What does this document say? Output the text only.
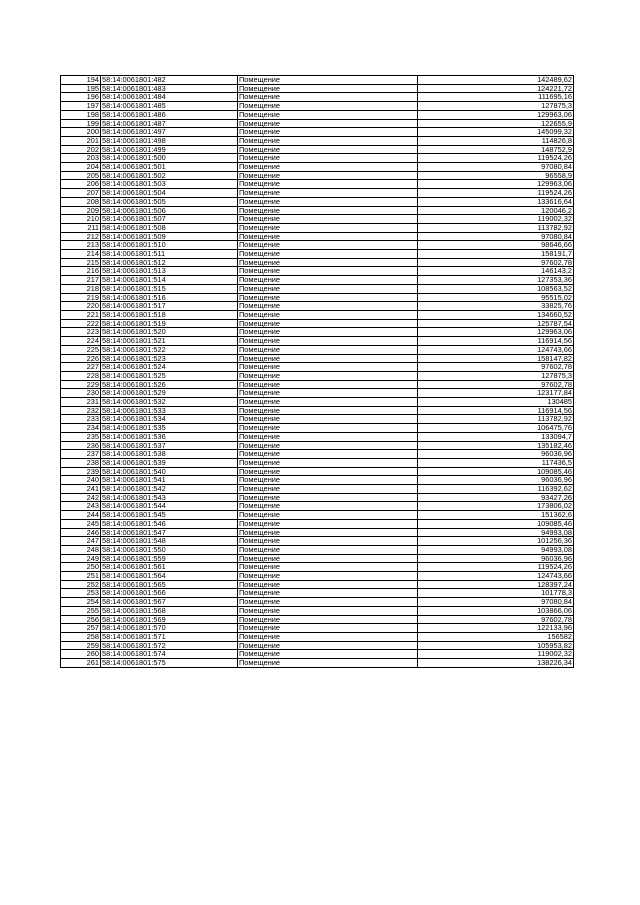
194	58:14:0061801:482	Помещение	142489,62
195	58:14:0061801:483	Помещение	124221,72
196	58:14:0061801:484	Помещение	111695,16
197	58:14:0061801:485	Помещение	127875,3
198	58:14:0061801:486	Помещение	129963,06
199	58:14:0061801:487	Помещение	122655,9
200	58:14:0061801:497	Помещение	145099,32
201	58:14:0061801:498	Помещение	114826,8
202	58:14:0061801:499	Помещение	148752,9
203	58:14:0061801:500	Помещение	119524,26
204	58:14:0061801:501	Помещение	97080,84
205	58:14:0061801:502	Помещение	96558,9
206	58:14:0061801:503	Помещение	129963,06
207	58:14:0061801:504	Помещение	119524,26
208	58:14:0061801:505	Помещение	133616,64
209	58:14:0061801:506	Помещение	120046,2
210	58:14:0061801:507	Помещение	119002,32
211	58:14:0061801:508	Помещение	113782,92
212	58:14:0061801:509	Помещение	97080,84
213	58:14:0061801:510	Помещение	98646,66
214	58:14:0061801:511	Помещение	158191,7
215	58:14:0061801:512	Помещение	97602,78
216	58:14:0061801:513	Помещение	146143,2
217	58:14:0061801:514	Помещение	127353,36
218	58:14:0061801:515	Помещение	108563,52
219	58:14:0061801:516	Помещение	95515,02
220	58:14:0061801:517	Помещение	33825,76
221	58:14:0061801:518	Помещение	134660,52
222	58:14:0061801:519	Помещение	125787,54
223	58:14:0061801:520	Помещение	129963,06
224	58:14:0061801:521	Помещение	116914,56
225	58:14:0061801:522	Помещение	124743,66
226	58:14:0061801:523	Помещение	158147,82
227	58:14:0061801:524	Помещение	97602,78
228	58:14:0061801:525	Помещение	127875,3
229	58:14:0061801:526	Помещение	97602,78
230	58:14:0061801:529	Помещение	123177,84
231	58:14:0061801:532	Помещение	130485
232	58:14:0061801:533	Помещение	116914,56
233	58:14:0061801:534	Помещение	113782,92
234	58:14:0061801:535	Помещение	106475,76
235	58:14:0061801:536	Помещение	133094,7
236	58:14:0061801:537	Помещение	135182,46
237	58:14:0061801:538	Помещение	96036,96
238	58:14:0061801:539	Помещение	117436,5
239	58:14:0061801:540	Помещение	109085,46
240	58:14:0061801:541	Помещение	96036,96
241	58:14:0061801:542	Помещение	116392,62
242	58:14:0061801:543	Помещение	93427,26
243	58:14:0061801:544	Помещение	173806,02
244	58:14:0061801:545	Помещение	151362,6
245	58:14:0061801:546	Помещение	109085,46
246	58:14:0061801:547	Помещение	94993,08
247	58:14:0061801:548	Помещение	101256,36
248	58:14:0061801:550	Помещение	94993,08
249	58:14:0061801:559	Помещение	96036,96
250	58:14:0061801:561	Помещение	119524,26
251	58:14:0061801:564	Помещение	124743,66
252	58:14:0061801:565	Помещение	128397,24
253	58:14:0061801:566	Помещение	101778,3
254	58:14:0061801:567	Помещение	97080,84
255	58:14:0061801:568	Помещение	103866,06
256	58:14:0061801:569	Помещение	97602,78
257	58:14:0061801:570	Помещение	122133,96
258	58:14:0061801:571	Помещение	156582
259	58:14:0061801:572	Помещение	105953,82
260	58:14:0061801:574	Помещение	119002,32
261	58:14:0061801:575	Помещение	138226,34
